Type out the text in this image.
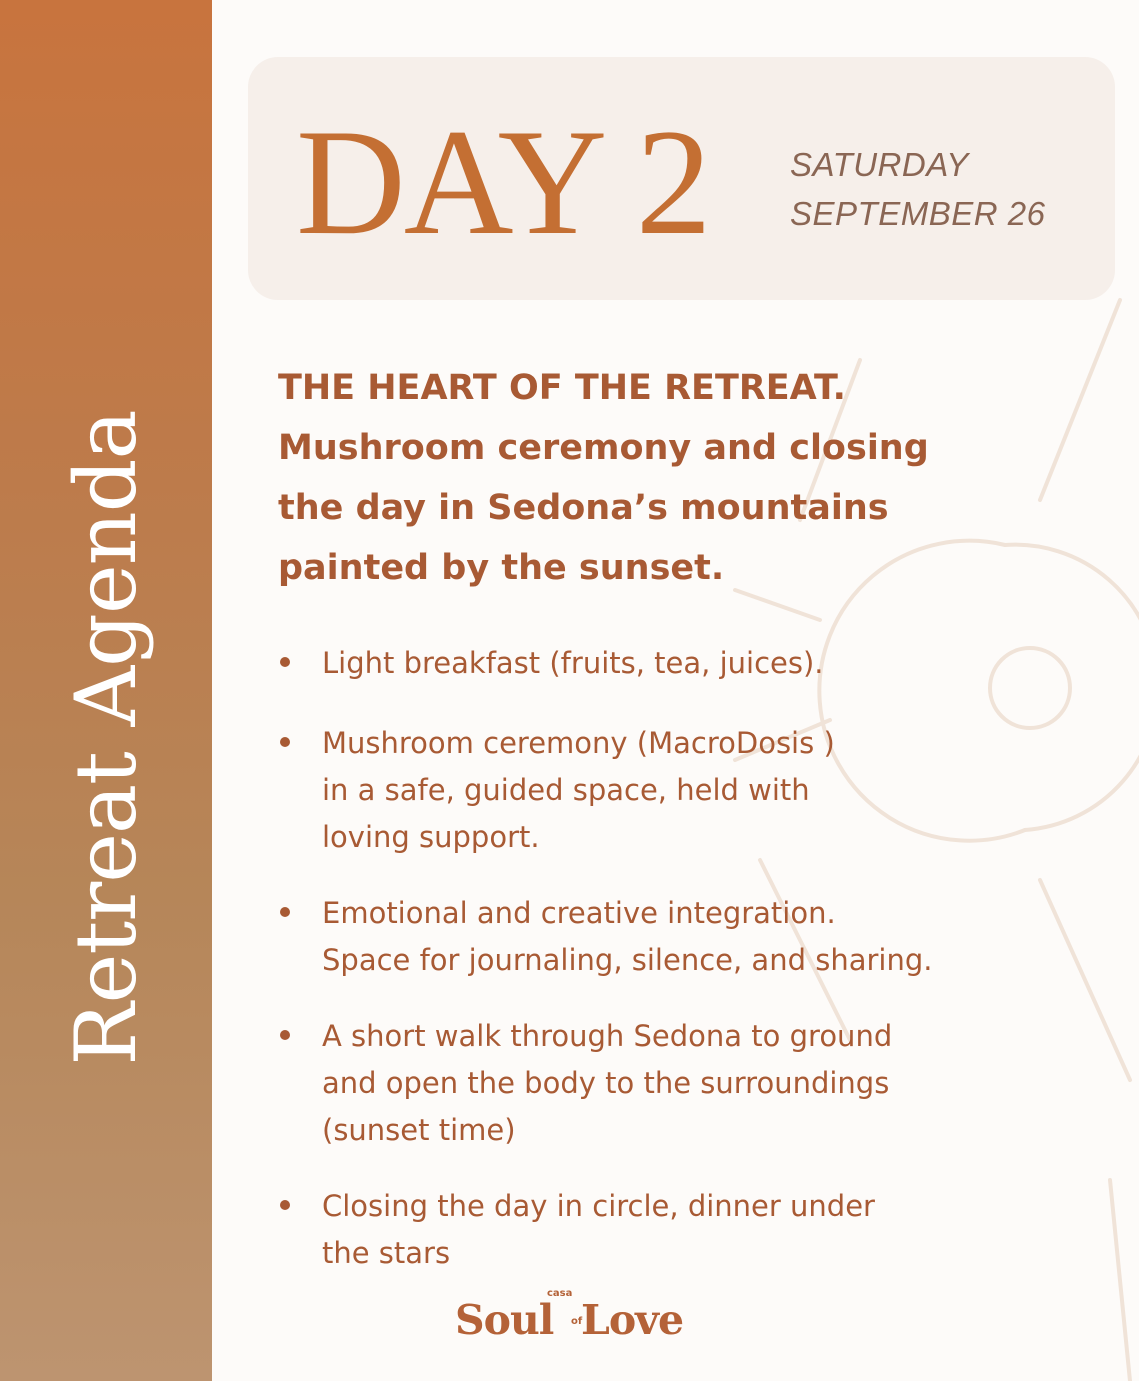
Retreat Agenda
DAY 2 SATURDAY
SEPTEMBER 26
THE HEART OF THE RETREAT.
Mushroom ceremony and closing
the day in Sedona’s mountains
painted by the sunset.
Light breakfast (fruits, tea, juices).
Mushroom ceremony (MacroDosis )
in a safe, guided space, held with
loving support.
Emotional and creative integration.
Space for journaling, silence, and sharing.
A short walk through Sedona to ground
and open the body to the surroundings
(sunset time)
Closing the day in circle, dinner under
the stars
casa
Soul of
Love
